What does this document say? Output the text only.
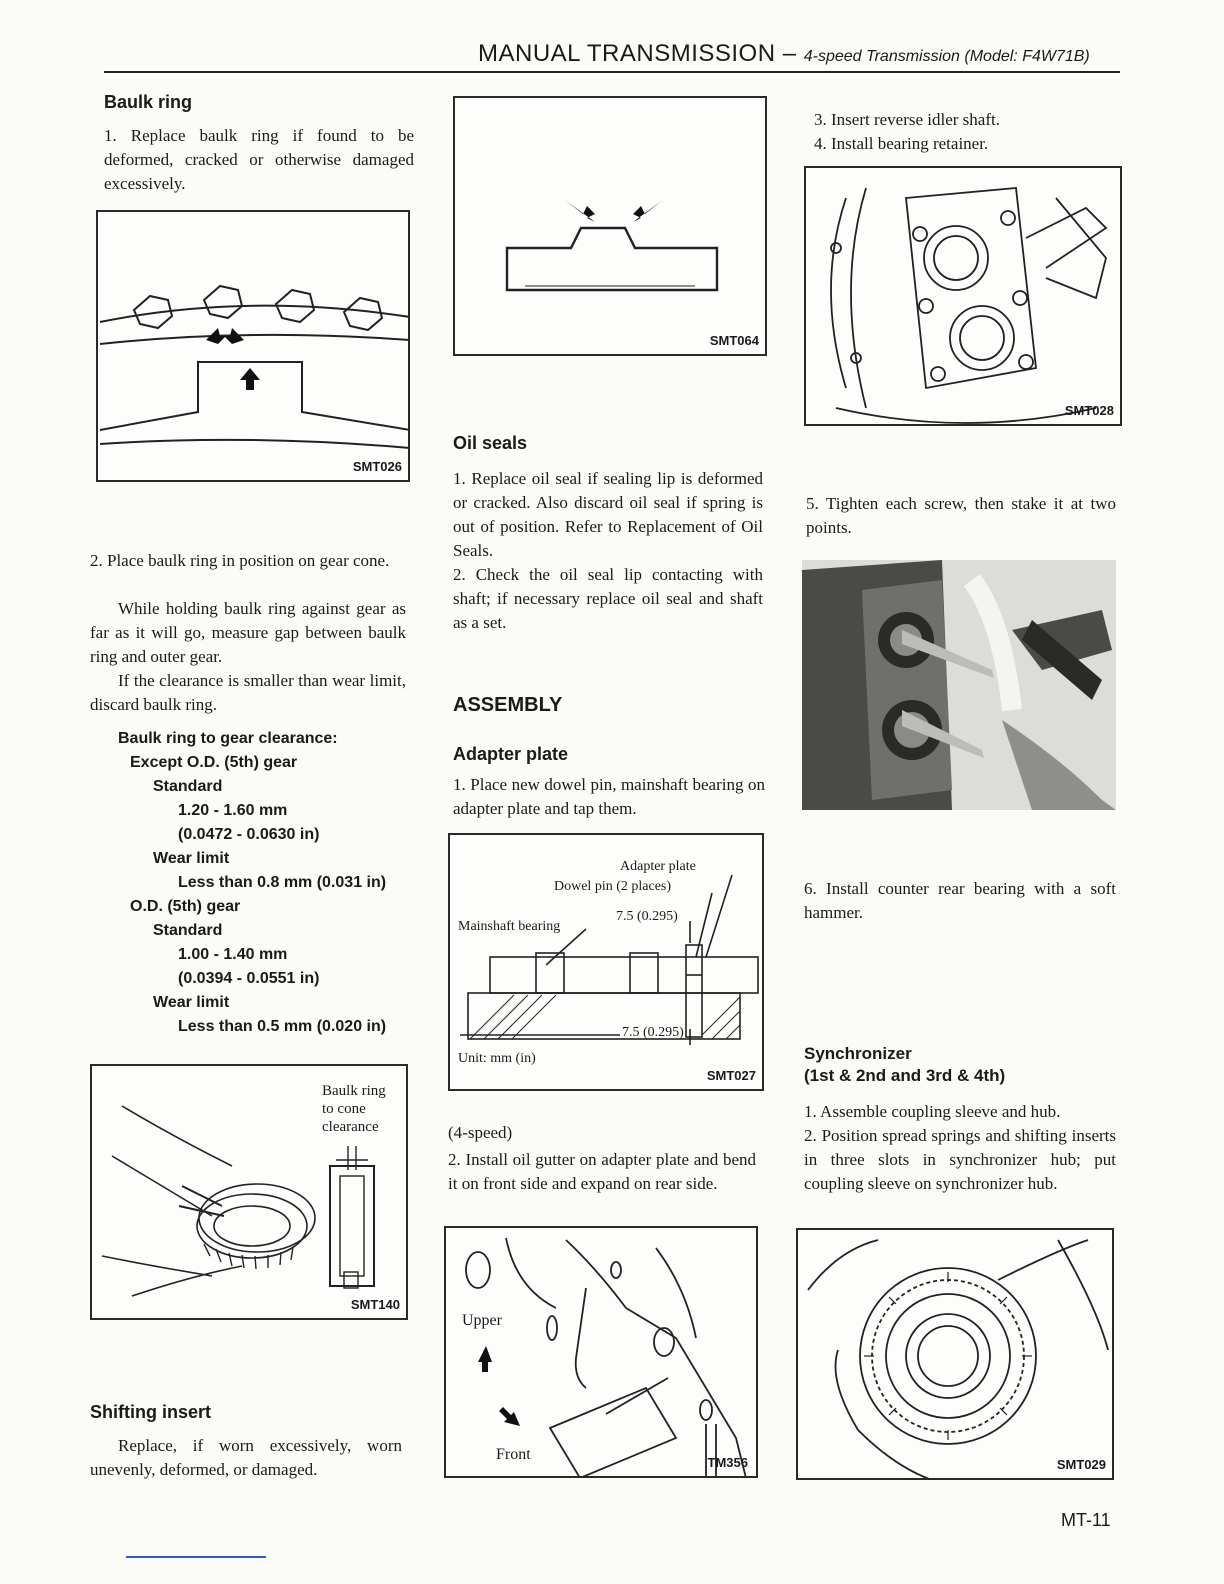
MANUAL TRANSMISSION – 4-speed Transmission (Model: F4W71B)
Baulk ring
1. Replace baulk ring if found to be deformed, cracked or otherwise damaged excessively.
SMT026
2. Place baulk ring in position on gear cone.
While holding baulk ring against gear as far as it will go, measure gap between baulk ring and outer gear.
If the clearance is smaller than wear limit, discard baulk ring.
Baulk ring to gear clearance:
Except O.D. (5th) gear
Standard
1.20 - 1.60 mm
(0.0472 - 0.0630 in)
Wear limit
Less than 0.8 mm (0.031 in)
O.D. (5th) gear
Standard
1.00 - 1.40 mm
(0.0394 - 0.0551 in)
Wear limit
Less than 0.5 mm (0.020 in)
Baulk ring
to cone
clearance
SMT140
Shifting insert
Replace, if worn excessively, worn unevenly, deformed, or damaged.
SMT064
Oil seals
1. Replace oil seal if sealing lip is deformed or cracked. Also discard oil seal if spring is out of position. Refer to Replacement of Oil Seals.
2. Check the oil seal lip contacting with shaft; if necessary replace oil seal and shaft as a set.
ASSEMBLY
Adapter plate
1. Place new dowel pin, mainshaft bearing on adapter plate and tap them.
Adapter plate
Dowel pin (2 places)
7.5 (0.295)
Mainshaft bearing
7.5 (0.295)
Unit: mm (in)
SMT027
(4-speed)
2. Install oil gutter on adapter plate and bend it on front side and expand on rear side.
Upper
Front	TM356
3. Insert reverse idler shaft.
4. Install bearing retainer.
SMT028
5. Tighten each screw, then stake it at two points.
6. Install counter rear bearing with a soft hammer.
Synchronizer
(1st & 2nd and 3rd & 4th)
1. Assemble coupling sleeve and hub.
2. Position spread springs and shifting inserts in three slots in synchronizer hub; put coupling sleeve on synchronizer hub.
SMT029
MT-11
